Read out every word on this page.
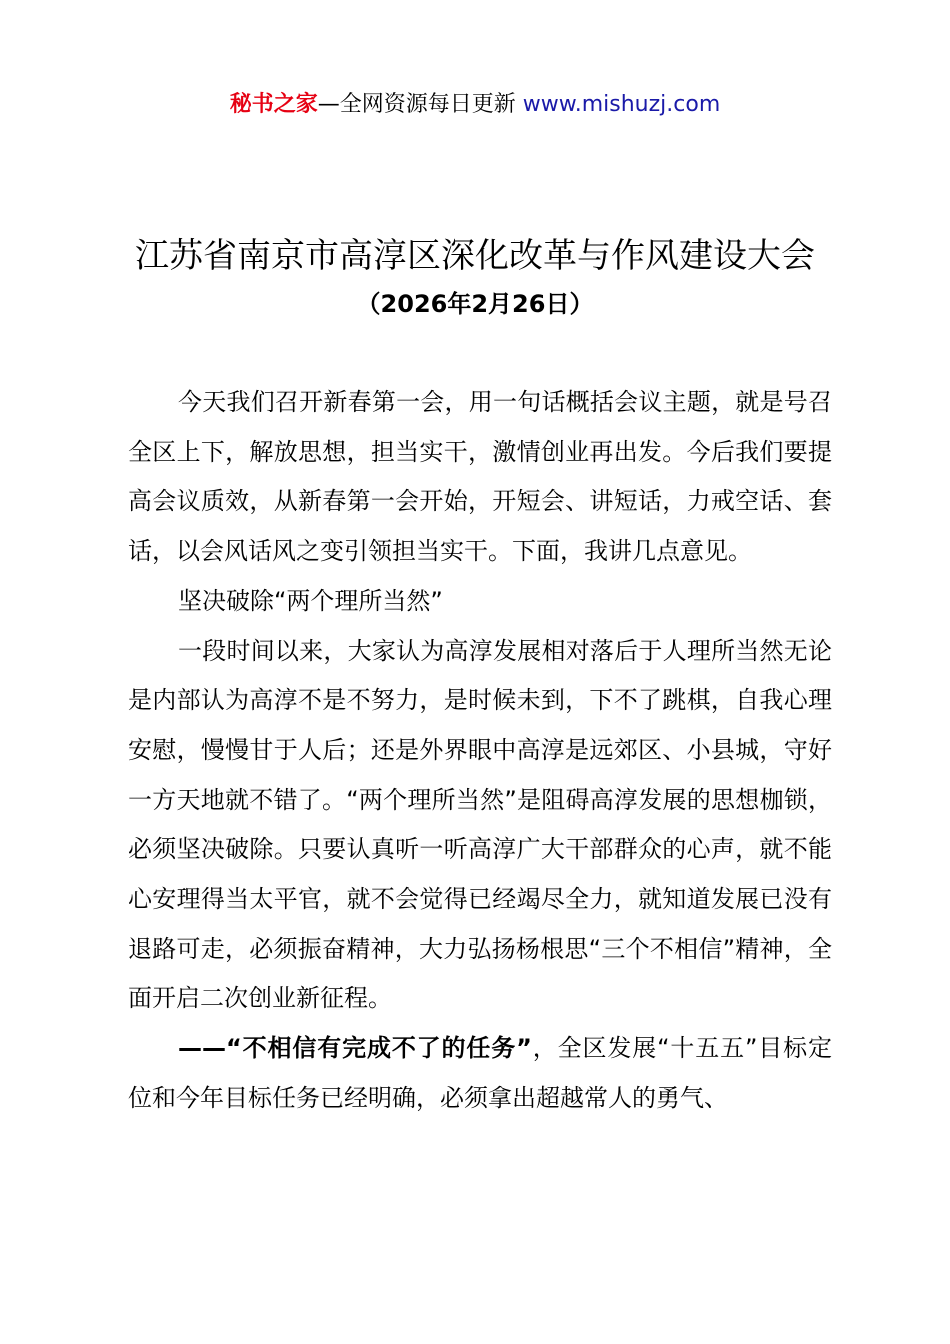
秘书之家—全网资源每日更新 www.mishuzj.com
江苏省南京市高淳区深化改革与作风建设大会
（2026年2月26日）

今天我们召开新春第一会，用一句话概括会议主题，就是号召全区上下，解放思想，担当实干，激情创业再出发。今后我们要提高会议质效，从新春第一会开始，开短会、讲短话，力戒空话、套话，以会风话风之变引领担当实干。下面，我讲几点意见。

坚决破除“两个理所当然”

一段时间以来，大家认为高淳发展相对落后于人理所当然无论是内部认为高淳不是不努力，是时候未到，下不了跳棋，自我心理安慰，慢慢甘于人后；还是外界眼中高淳是远郊区、小县城，守好一方天地就不错了。“两个理所当然”是阻碍高淳发展的思想枷锁，必须坚决破除。只要认真听一听高淳广大干部群众的心声，就不能心安理得当太平官，就不会觉得已经竭尽全力，就知道发展已没有退路可走，必须振奋精神，大力弘扬杨根思“三个不相信”精神，全面开启二次创业新征程。

——“不相信有完成不了的任务”，全区发展“十五五”目标定位和今年目标任务已经明确，必须拿出超越常人的勇气、
